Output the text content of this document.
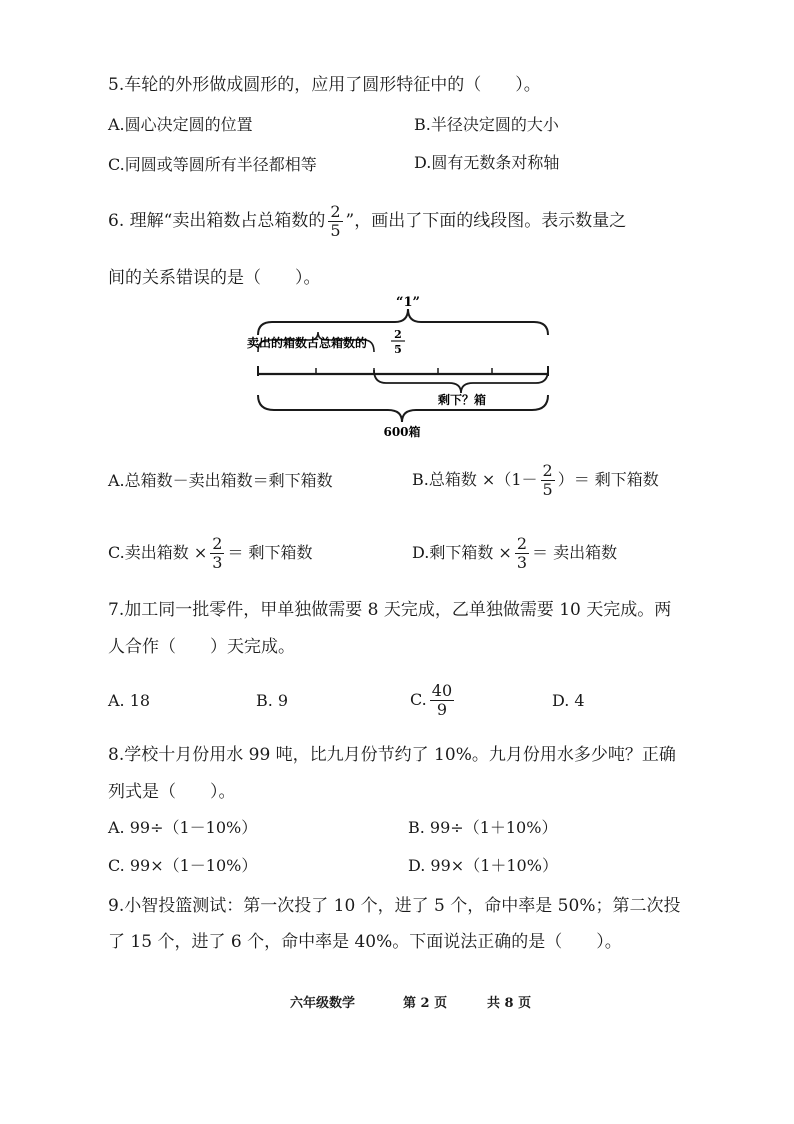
5.车轮的外形做成圆形的，应用了圆形特征中的（　　）。
A.圆心决定圆的位置	B.半径决定圆的大小
C.同圆或等圆所有半径都相等	D.圆有无数条对称轴
6. 理解“卖出箱数占总箱数的 $\frac{2}{5}$ ”，画出了下面的线段图。表示数量之
间的关系错误的是（　　）。
“1”
卖出的箱数占总箱数的
2
5
剩下？箱
600箱
A.总箱数－卖出箱数＝剩下箱数	B.总箱数 $\times(1- \frac{2}{5}$ ）＝ 剩下箱数
C.卖出箱数 × $\frac{2}{3}$ ＝ 剩下箱数	D.剩下箱数 × $\frac{2}{3}$ ＝ 卖出箱数
7.加工同一批零件，甲单独做需要 8 天完成，乙单独做需要 10 天完成。两
人合作（　　）天完成。
A. 18	B. 9	C. $\frac{40}{9}$	D. 4
8.学校十月份用水 99 吨，比九月份节约了 10%。九月份用水多少吨？正确
列式是（　　）。
A. 99÷（1－10%）	B. 99÷（1＋10%）
C. 99×（1－10%）	D. 99×（1＋10%）
9.小智投篮测试：第一次投了 10 个，进了 5 个，命中率是 50%；第二次投
了 15 个，进了 6 个，命中率是 40%。下面说法正确的是（　　）。
六年级数学	第 2 页	共 8 页
